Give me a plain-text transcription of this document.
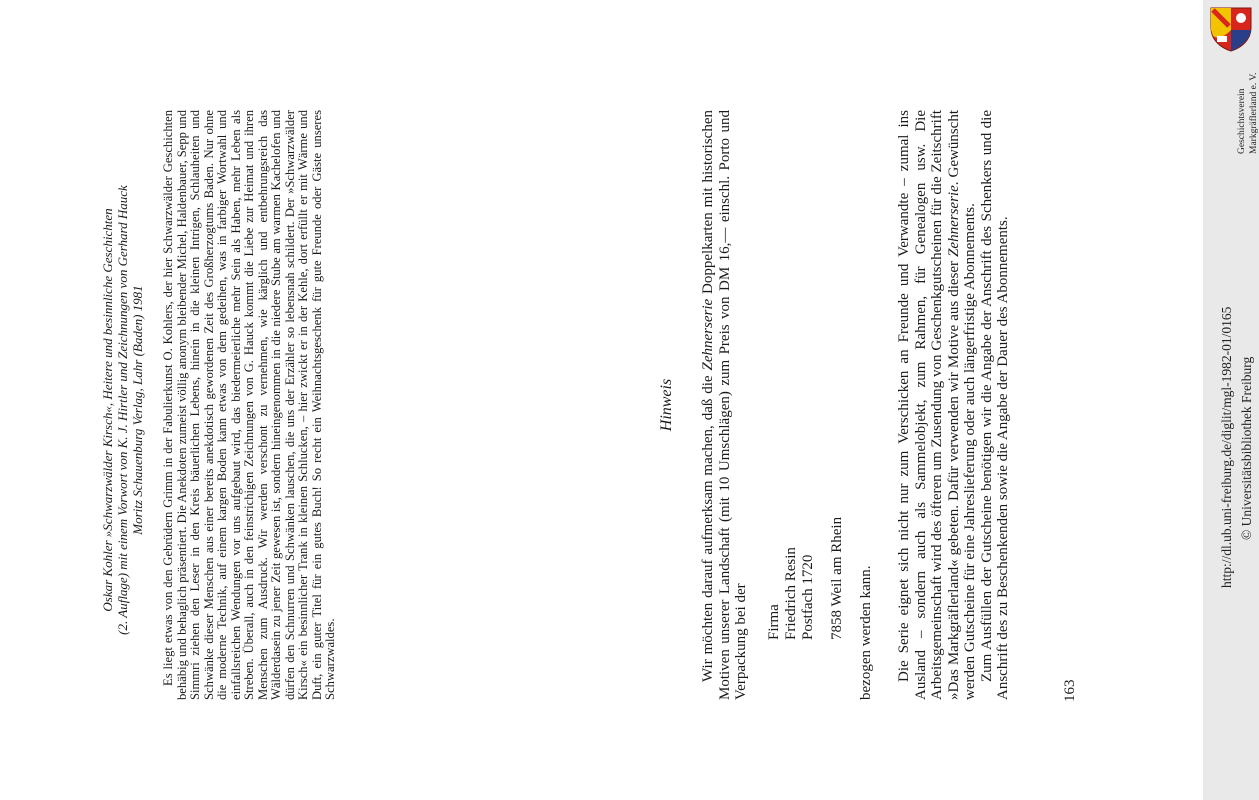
Oskar Kohler »Schwarzwälder Kirsch«, Heitere und besinnliche Geschichten (2. Auflage) mit einem Vorwort von K. J. Hirtler und Zeichnungen von Gerhard Hauck Moritz Schauenburg Verlag, Lahr (Baden) 1981 Es liegt etwas von den Gebrüdern Grimm in der Fabulierkunst O. Kohlers, der hier Schwarzwälder Geschichten behäbig und behaglich präsentiert. Die Anekdoten zumeist völlig anonym bleibender Michel, Haldenbauer, Sepp und Simmri ziehen den Leser in den Kreis bäuerlichen Lebens, hinein in die kleinen Intrigen, Schlauheiten und Schwänke dieser Menschen aus einer bereits anekdotisch gewordenen Zeit des Großherzogtums Baden. Nur ohne die moderne Technik, auf einem kargen Boden kann etwas von dem gedeihen, was in farbiger Wortwahl und einfallsreichen Wendungen vor uns aufgebaut wird, das biedermeierliche mehr Sein als Haben, mehr Leben als Streben. Überall, auch in den feinstrichigen Zeichnungen von G. Hauck kommt die Liebe zur Heimat und ihren Menschen zum Ausdruck. Wir werden verschont zu vernehmen, wie kärglich und entbehrungsreich das Wälderdasein zu jener Zeit gewesen ist, sondern hineingenommen in die niedere Stube am warmen Kachelofen und dürfen den Schnurren und Schwänken lauschen, die uns der Erzähler so lebensnah schildert. Der »Schwarzwälder Kirsch« ein besinnlicher Trank in kleinen Schlucken, – hier zwickt er in der Kehle, dort erfüllt er mit Wärme und Duft, ein guter Titel für ein gutes Buch! So recht ein Weihnachtsgeschenk für gute Freunde oder Gäste unseres Schwarzwaldes.
Hinweis Wir möchten darauf aufmerksam machen, daß die Zehnerserie Doppelkarten mit historischen Motiven unserer Landschaft (mit 10 Umschlägen) zum Preis von DM 16,— einschl. Porto und Verpackung bei der Firma Friedrich Resin Postfach 1720 7858 Weil am Rhein bezogen werden kann. Die Serie eignet sich nicht nur zum Verschicken an Freunde und Verwandte – zumal ins Ausland – sondern auch als Sammelobjekt, zum Rahmen, für Genealogen usw. Die Arbeitsgemeinschaft wird des öfteren um Zusendung von Geschenkgutscheinen für die Zeitschrift »Das Markgräflerland« gebeten. Dafür verwenden wir Motive aus dieser Zehnerserie. Gewünscht werden Gutscheine für eine Jahreslieferung oder auch längerfristige Abonnements. Zum Ausfüllen der Gutscheine benötigen wir die Angabe der Anschrift des Schenkers und die Anschrift des zu Beschenkenden sowie die Angabe der Dauer des Abonnements.	163
Geschichtsverein Markgräflerland e. V.
http://dl.ub.uni-freiburg.de/diglit/mgl-1982-01/0165 © Universitätsbibliothek Freiburg
